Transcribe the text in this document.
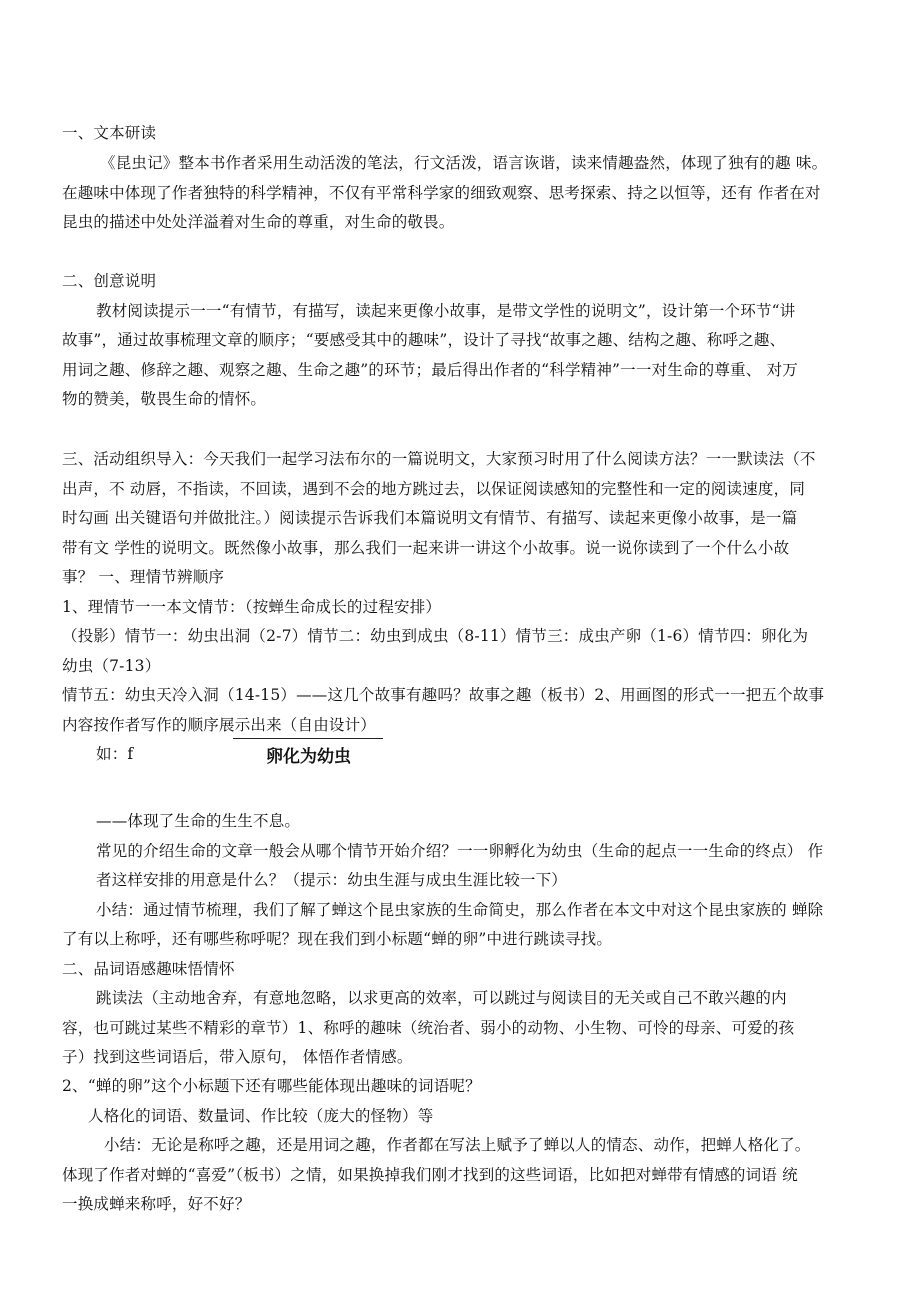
一、文本研读
《昆虫记》整本书作者采用生动活泼的笔法，行文活泼，语言诙谐，读来情趣盎然，体现了独有的趣 味。
在趣味中体现了作者独特的科学精神，不仅有平常科学家的细致观察、思考探索、持之以恒等，还有 作者在对
昆虫的描述中处处洋溢着对生命的尊重，对生命的敬畏。
二、创意说明
教材阅读提示一一“有情节，有描写，读起来更像小故事，是带文学性的说明文”，设计第一个环节“讲
故事”，通过故事梳理文章的顺序；“要感受其中的趣味”，设计了寻找“故事之趣、结构之趣、称呼之趣、
用词之趣、修辞之趣、观察之趣、生命之趣”的环节；最后得出作者的“科学精神”一一对生命的尊重、 对万
物的赞美，敬畏生命的情怀。
三、活动组织导入：今天我们一起学习法布尔的一篇说明文，大家预习时用了什么阅读方法？一一默读法（不
出声，不 动唇，不指读，不回读，遇到不会的地方跳过去，以保证阅读感知的完整性和一定的阅读速度，同
时勾画 出关键语句并做批注。）阅读提示告诉我们本篇说明文有情节、有描写、读起来更像小故事，是一篇
带有文 学性的说明文。既然像小故事，那么我们一起来讲一讲这个小故事。说一说你读到了一个什么小故
事？ 一、理情节辨顺序
1、理情节一一本文情节：（按蝉生命成长的过程安排）
（投影）情节一：幼虫出洞（2-7）情节二：幼虫到成虫（8-11）情节三：成虫产卵（1-6）情节四：卵化为
幼虫（7-13）
情节五：幼虫天冷入洞（14-15）——这几个故事有趣吗？故事之趣（板书）2、用画图的形式一一把五个故事
内容按作者写作的顺序展示出来（自由设计）
如：f	卵化为幼虫
——体现了生命的生生不息。
常见的介绍生命的文章一般会从哪个情节开始介绍？一一卵孵化为幼虫（生命的起点一一生命的终点） 作
者这样安排的用意是什么？（提示：幼虫生涯与成虫生涯比较一下）
小结：通过情节梳理，我们了解了蝉这个昆虫家族的生命简史，那么作者在本文中对这个昆虫家族的 蝉除
了有以上称呼，还有哪些称呼呢？现在我们到小标题“蝉的卵”中进行跳读寻找。
二、品词语感趣味悟情怀
跳读法（主动地舍弃，有意地忽略，以求更高的效率，可以跳过与阅读目的无关或自己不敢兴趣的内
容，也可跳过某些不精彩的章节）1、称呼的趣味（统治者、弱小的动物、小生物、可怜的母亲、可爱的孩
子）找到这些词语后，带入原句， 体悟作者情感。
2、“蝉的卵”这个小标题下还有哪些能体现出趣味的词语呢？
人格化的词语、数量词、作比较（庞大的怪物）等
小结：无论是称呼之趣，还是用词之趣，作者都在写法上赋予了蝉以人的情态、动作，把蝉人格化了。
体现了作者对蝉的“喜爱”（板书）之情，如果换掉我们刚才找到的这些词语，比如把对蝉带有情感的词语 统
一换成蝉来称呼，好不好？
